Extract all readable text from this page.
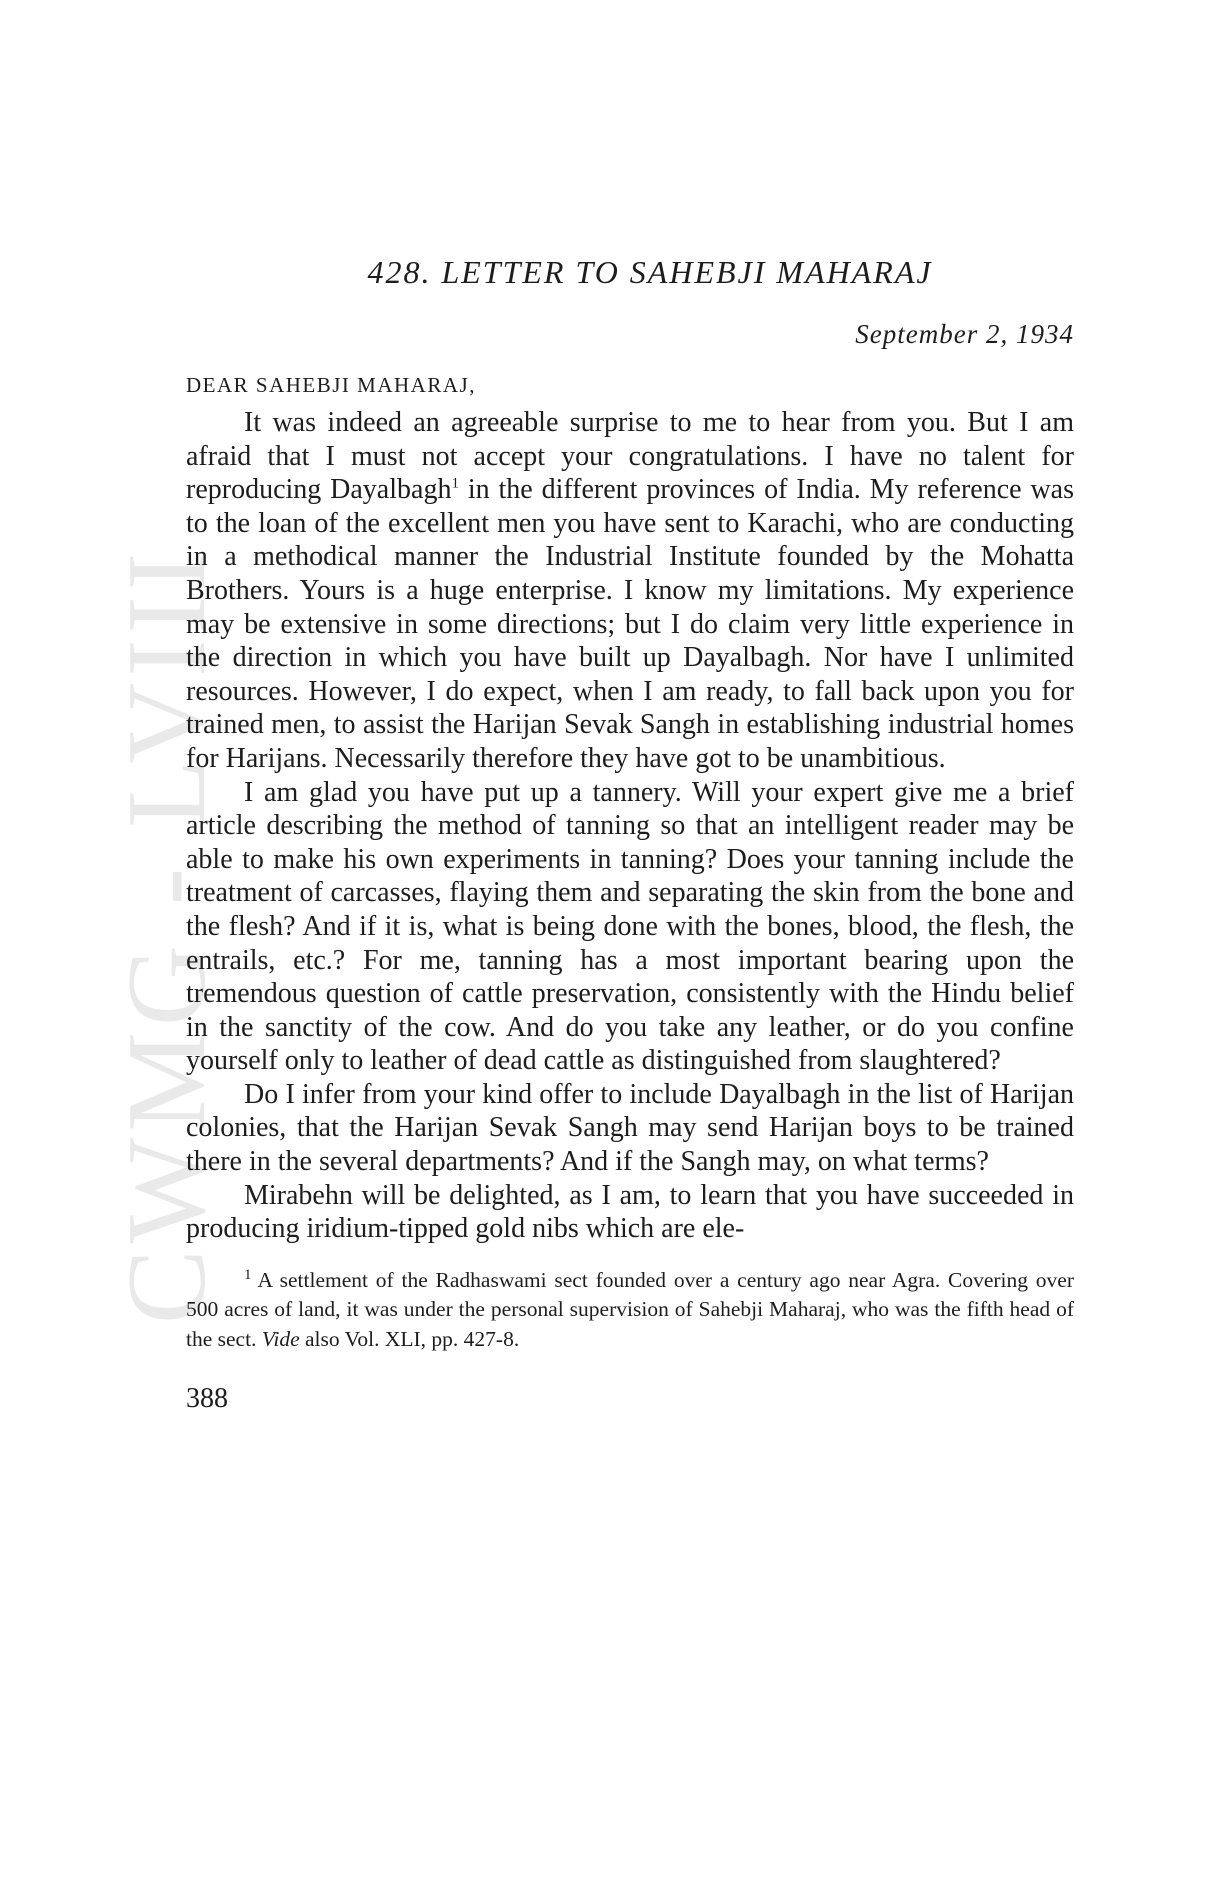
CWMG - LVIII
428. LETTER TO SAHEBJI MAHARAJ
September 2, 1934
DEAR SAHEBJI MAHARAJ,

It was indeed an agreeable surprise to me to hear from you. But I am afraid that I must not accept your congratulations. I have no talent for reproducing Dayalbagh$^1$ in the different provinces of India. My reference was to the loan of the excellent men you have sent to Karachi, who are conducting in a methodical manner the Industrial Institute founded by the Mohatta Brothers. Yours is a huge enterprise. I know my limitations. My experience may be extensive in some directions; but I do claim very little experience in the direction in which you have built up Dayalbagh. Nor have I unlimited resources. However, I do expect, when I am ready, to fall back upon you for trained men, to assist the Harijan Sevak Sangh in establishing industrial homes for Harijans. Necessarily therefore they have got to be unambitious.

I am glad you have put up a tannery. Will your expert give me a brief article describing the method of tanning so that an intelligent reader may be able to make his own experiments in tanning? Does your tanning include the treatment of carcasses, flaying them and separating the skin from the bone and the flesh? And if it is, what is being done with the bones, blood, the flesh, the entrails, etc.? For me, tanning has a most important bearing upon the tremendous question of cattle preservation, consistently with the Hindu belief in the sanctity of the cow. And do you take any leather, or do you confine yourself only to leather of dead cattle as distinguished from slaughtered?

Do I infer from your kind offer to include Dayalbagh in the list of Harijan colonies, that the Harijan Sevak Sangh may send Harijan boys to be trained there in the several departments? And if the Sangh may, on what terms?

Mirabehn will be delighted, as I am, to learn that you have succeeded in producing iridium-tipped gold nibs which are ele-

$^1$ A settlement of the Radhaswami sect founded over a century ago near Agra. Covering over 500 acres of land, it was under the personal supervision of Sahebji Maharaj, who was the fifth head of the sect. Vide also Vol. XLI, pp. 427-8.

388
